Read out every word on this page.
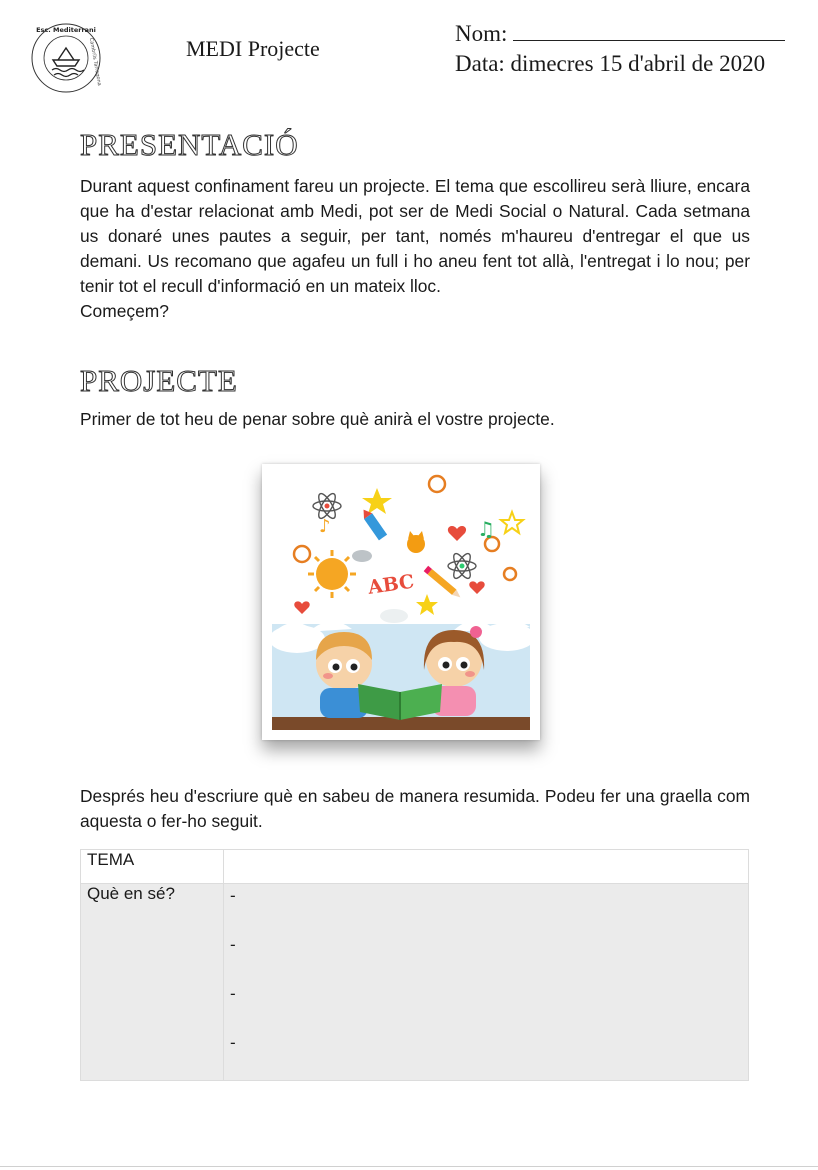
Esc. Mediterrani
Cambrils Tarragona	MEDI Projecte
Nom:
Data: dimecres 15 d'abril de 2020
PRESENTACIÓ

Durant aquest confinament fareu un projecte. El tema que escollireu serà lliure, encara que ha d'estar relacionat amb Medi, pot ser de Medi Social o Natural. Cada setmana us donaré unes pautes a seguir, per tant, només m'haureu d'entregar el que us demani. Us recomano que agafeu un full i ho aneu fent tot allà, l'entregat i lo nou; per tenir tot el recull d'informació en un mateix lloc.

Começem?

PROJECTE
Primer de tot heu de penar sobre què anirà el vostre projecte.
♫
♪
ABC
Després heu d'escriure què en sabeu de manera resumida. Podeu fer una graella com aquesta o fer-ho seguit.
TEMA	
Què en sé?	-
-
-
-
